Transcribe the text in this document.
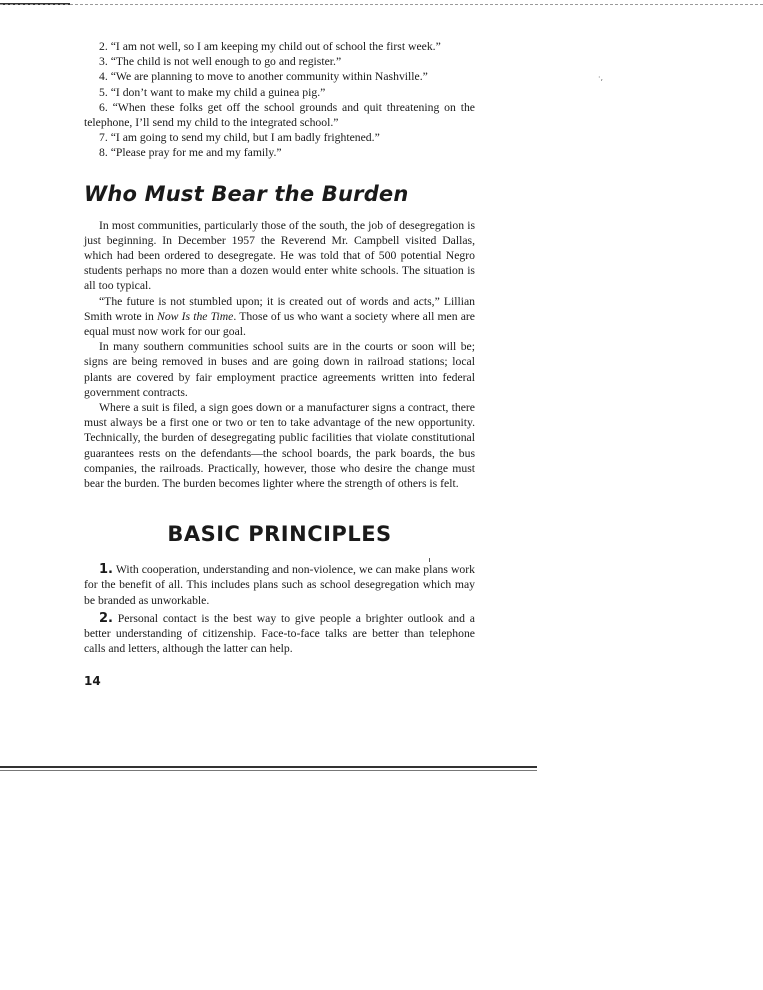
·,

2. “I am not well, so I am keeping my child out of school the first week.”

3. “The child is not well enough to go and register.”

4. “We are planning to move to another community within Nashville.”

5. “I don’t want to make my child a guinea pig.”

6. “When these folks get off the school grounds and quit threatening on the telephone, I’ll send my child to the integrated school.”

7. “I am going to send my child, but I am badly frightened.”

8. “Please pray for me and my family.”

Who Must Bear the Burden

In most communities, particularly those of the south, the job of desegregation is just beginning. In December 1957 the Reverend Mr. Campbell visited Dallas, which had been ordered to desegregate. He was told that of 500 potential Negro students perhaps no more than a dozen would enter white schools. The situation is all too typical.

“The future is not stumbled upon; it is created out of words and acts,” Lillian Smith wrote in Now Is the Time. Those of us who want a society where all men are equal must now work for our goal.

In many southern communities school suits are in the courts or soon will be; signs are being removed in buses and are going down in railroad stations; local plants are covered by fair employment practice agreements written into federal government contracts.

Where a suit is filed, a sign goes down or a manufacturer signs a contract, there must always be a first one or two or ten to take advantage of the new opportunity. Technically, the burden of desegregating public facilities that violate constitutional guarantees rests on the defendants—the school boards, the park boards, the bus companies, the railroads. Practically, however, those who desire the change must bear the burden. The burden becomes lighter where the strength of others is felt.

BASIC PRINCIPLES

1. With cooperation, understanding and non-violence, we can make plans work for the benefit of all. This includes plans such as school desegregation which may be branded as unworkable.

2. Personal contact is the best way to give people a brighter outlook and a better understanding of citizenship. Face-to-face talks are better than telephone calls and letters, although the latter can help.

14
